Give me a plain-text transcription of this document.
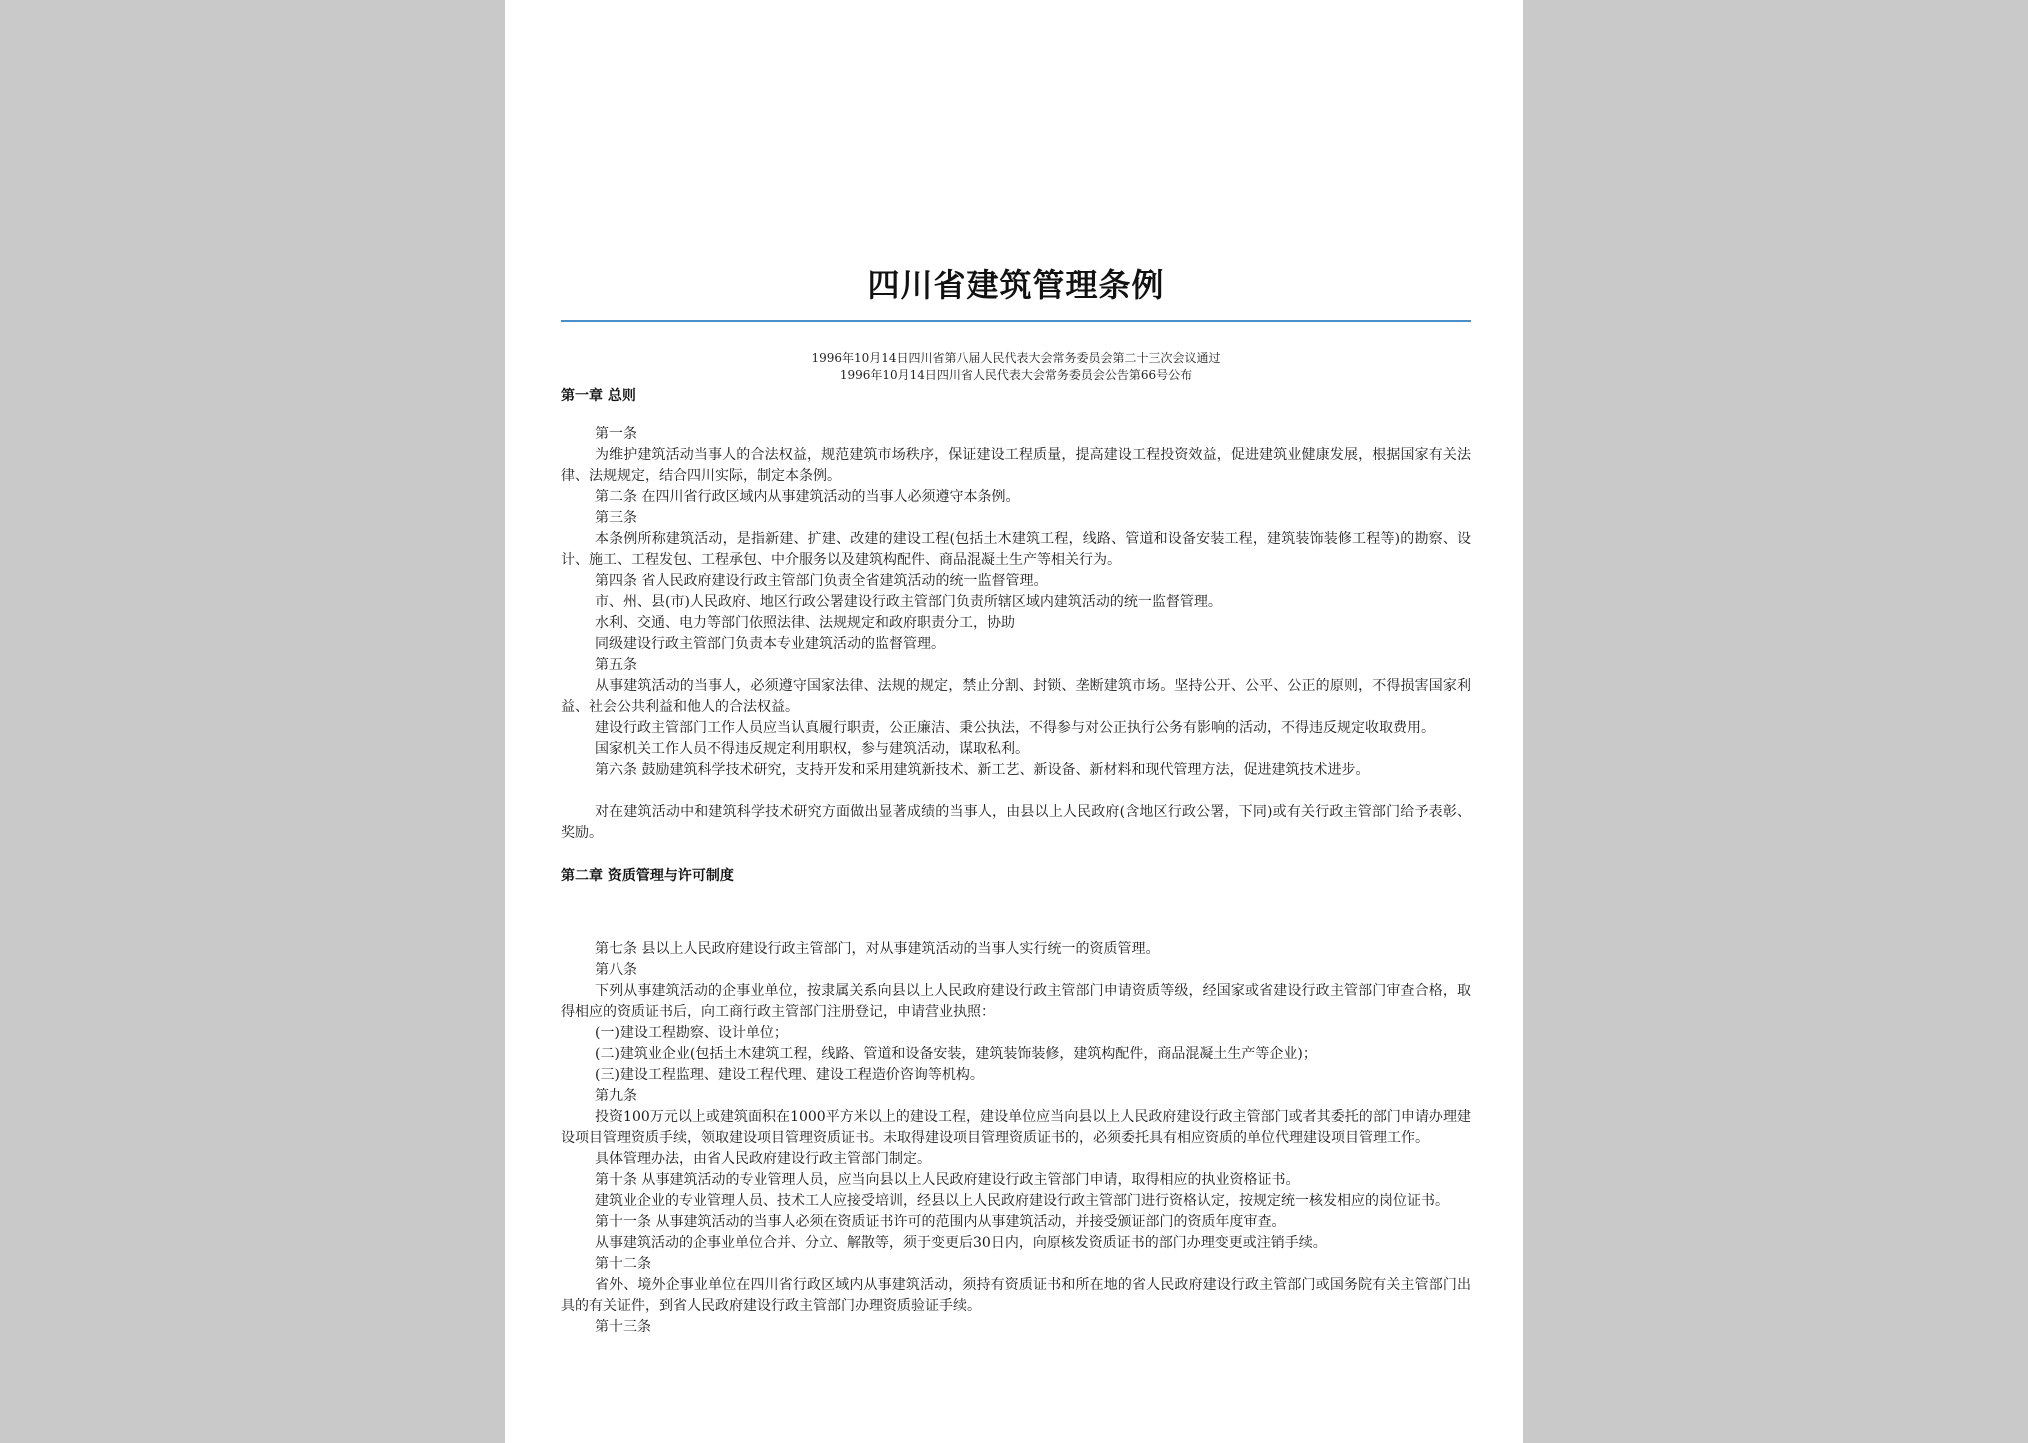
四川省建筑管理条例
1996年10月14日四川省第八届人民代表大会常务委员会第二十三次会议通过
1996年10月14日四川省人民代表大会常务委员会公告第66号公布
第一章 总则
第一条
为维护建筑活动当事人的合法权益，规范建筑市场秩序，保证建设工程质量，提高建设工程投资效益，促进建筑业健康发展，根据国家有关法律、法规规定，结合四川实际，制定本条例。
第二条 在四川省行政区域内从事建筑活动的当事人必须遵守本条例。
第三条
本条例所称建筑活动，是指新建、扩建、改建的建设工程(包括土木建筑工程，线路、管道和设备安装工程，建筑装饰装修工程等)的勘察、设计、施工、工程发包、工程承包、中介服务以及建筑构配件、商品混凝土生产等相关行为。
第四条 省人民政府建设行政主管部门负责全省建筑活动的统一监督管理。
市、州、县(市)人民政府、地区行政公署建设行政主管部门负责所辖区域内建筑活动的统一监督管理。
水利、交通、电力等部门依照法律、法规规定和政府职责分工，协助
同级建设行政主管部门负责本专业建筑活动的监督管理。
第五条
从事建筑活动的当事人，必须遵守国家法律、法规的规定，禁止分割、封锁、垄断建筑市场。坚持公开、公平、公正的原则，不得损害国家利益、社会公共利益和他人的合法权益。
建设行政主管部门工作人员应当认真履行职责，公正廉洁、秉公执法，不得参与对公正执行公务有影响的活动，不得违反规定收取费用。
国家机关工作人员不得违反规定利用职权，参与建筑活动，谋取私利。
第六条 鼓励建筑科学技术研究，支持开发和采用建筑新技术、新工艺、新设备、新材料和现代管理方法，促进建筑技术进步。
对在建筑活动中和建筑科学技术研究方面做出显著成绩的当事人，由县以上人民政府(含地区行政公署，下同)或有关行政主管部门给予表彰、奖励。
第二章 资质管理与许可制度
第七条 县以上人民政府建设行政主管部门，对从事建筑活动的当事人实行统一的资质管理。
第八条
下列从事建筑活动的企事业单位，按隶属关系向县以上人民政府建设行政主管部门申请资质等级，经国家或省建设行政主管部门审查合格，取得相应的资质证书后，向工商行政主管部门注册登记，申请营业执照：
(一)建设工程勘察、设计单位；
(二)建筑业企业(包括土木建筑工程，线路、管道和设备安装，建筑装饰装修，建筑构配件，商品混凝土生产等企业)；
(三)建设工程监理、建设工程代理、建设工程造价咨询等机构。
第九条
投资100万元以上或建筑面积在1000平方米以上的建设工程，建设单位应当向县以上人民政府建设行政主管部门或者其委托的部门申请办理建设项目管理资质手续，领取建设项目管理资质证书。未取得建设项目管理资质证书的，必须委托具有相应资质的单位代理建设项目管理工作。
具体管理办法，由省人民政府建设行政主管部门制定。
第十条 从事建筑活动的专业管理人员，应当向县以上人民政府建设行政主管部门申请，取得相应的执业资格证书。
建筑业企业的专业管理人员、技术工人应接受培训，经县以上人民政府建设行政主管部门进行资格认定，按规定统一核发相应的岗位证书。
第十一条 从事建筑活动的当事人必须在资质证书许可的范围内从事建筑活动，并接受颁证部门的资质年度审查。
从事建筑活动的企事业单位合并、分立、解散等，须于变更后30日内，向原核发资质证书的部门办理变更或注销手续。
第十二条
省外、境外企事业单位在四川省行政区域内从事建筑活动，须持有资质证书和所在地的省人民政府建设行政主管部门或国务院有关主管部门出具的有关证件，到省人民政府建设行政主管部门办理资质验证手续。
第十三条
